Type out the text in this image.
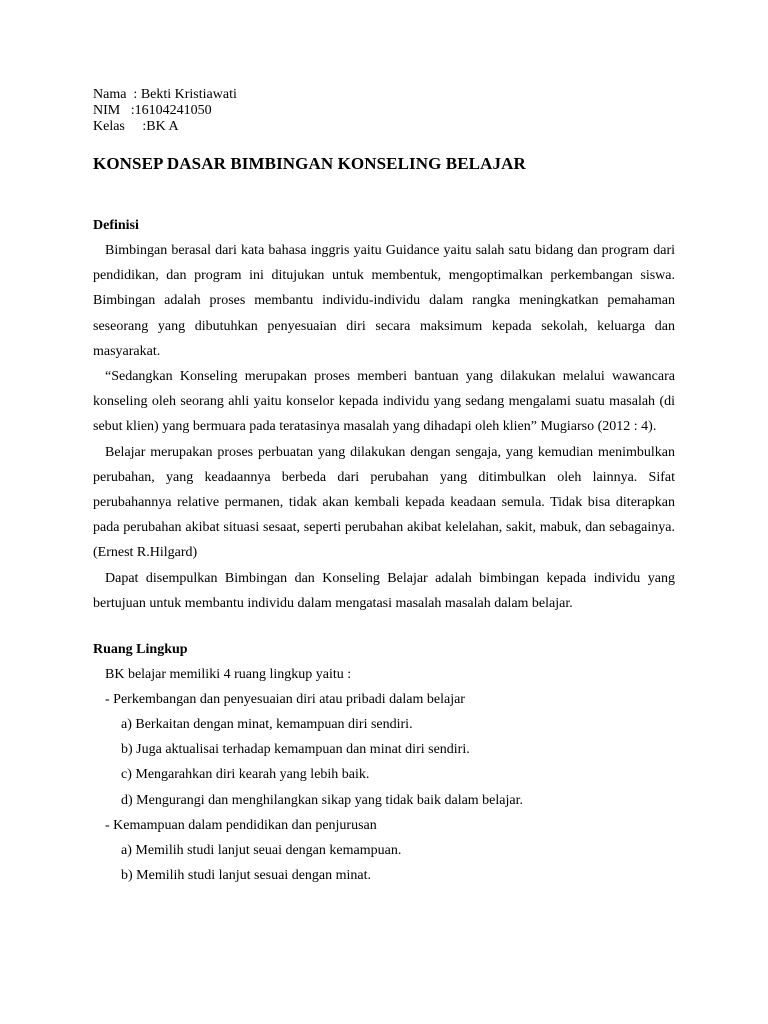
Nama  : Bekti Kristiawati
NIM   :16104241050
Kelas     :BK A
KONSEP DASAR BIMBINGAN KONSELING BELAJAR
Definisi

Bimbingan berasal dari kata bahasa inggris yaitu Guidance yaitu salah satu bidang dan program dari pendidikan, dan program ini ditujukan untuk membentuk, mengoptimalkan perkembangan siswa. Bimbingan adalah proses membantu individu-individu dalam rangka meningkatkan pemahaman seseorang yang dibutuhkan penyesuaian diri secara maksimum kepada sekolah, keluarga dan masyarakat.

“Sedangkan Konseling merupakan proses memberi bantuan yang dilakukan melalui wawancara konseling oleh seorang ahli yaitu konselor kepada individu yang sedang mengalami suatu masalah (di sebut klien) yang bermuara pada teratasinya masalah yang dihadapi oleh klien” Mugiarso (2012 : 4).

Belajar merupakan proses perbuatan yang dilakukan dengan sengaja, yang kemudian menimbulkan perubahan, yang keadaannya berbeda dari perubahan yang ditimbulkan oleh lainnya. Sifat perubahannya relative permanen, tidak akan kembali kepada keadaan semula. Tidak bisa diterapkan pada perubahan akibat situasi sesaat, seperti perubahan akibat kelelahan, sakit, mabuk, dan sebagainya. (Ernest R.Hilgard)

Dapat disempulkan Bimbingan dan Konseling Belajar adalah bimbingan kepada individu yang bertujuan untuk membantu individu dalam mengatasi masalah masalah dalam belajar.

Ruang Lingkup

BK belajar memiliki 4 ruang lingkup yaitu :

- Perkembangan dan penyesuaian diri atau pribadi dalam belajar

a) Berkaitan dengan minat, kemampuan diri sendiri.

b) Juga aktualisai terhadap kemampuan dan minat diri sendiri.

c) Mengarahkan diri kearah yang lebih baik.

d) Mengurangi dan menghilangkan sikap yang tidak baik dalam belajar.

- Kemampuan dalam pendidikan dan penjurusan

a) Memilih studi lanjut seuai dengan kemampuan.

b) Memilih studi lanjut sesuai dengan minat.
